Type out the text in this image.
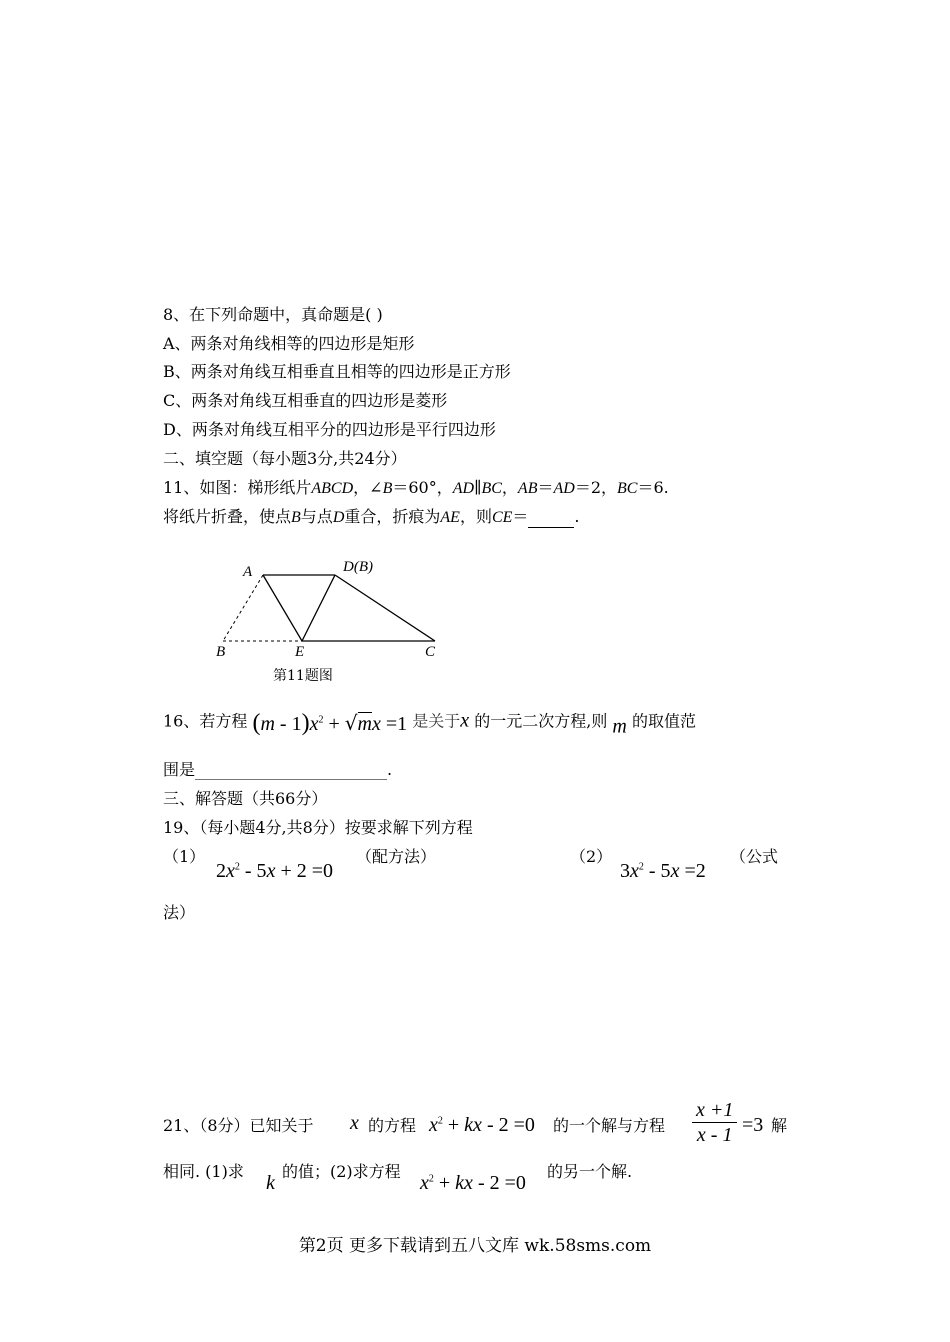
8、在下列命题中，真命题是( )
A、两条对角线相等的四边形是矩形
B、两条对角线互相垂直且相等的四边形是正方形
C、两条对角线互相垂直的四边形是菱形
D、两条对角线互相平分的四边形是平行四边形
二、填空题（每小题3分,共24分）
11、如图：梯形纸片ABCD，∠B＝60°，AD∥BC，AB＝AD＝2，BC＝6.
将纸片折叠，使点B与点D重合，折痕为AE，则CE＝	.
A	D(B)
B	E	C
第11题图
16、若方程 $(m - 1)x^2 + √mx =1$ 是关于x 的一元二次方程,则 m 的取值范
围是	.
三、解答题（共66分）
19、（每小题4分,共8分）按要求解下列方程
（1）
$2x^2 - 5x + 2 =0$
（配方法）	（2）
$3x^2 - 5x =2$
（公式
法）
21、（8分）已知关于 x 的方程 $x^2$ + kx - 2 =0 的一个解与方程 $\frac{x +1}{x - 1} =3$ 解
相同. (1)求
k
的值；(2)求方程
$x^2$ + kx - 2 =0
的另一个解.
第2页 更多下载请到五八文库 wk.58sms.com
